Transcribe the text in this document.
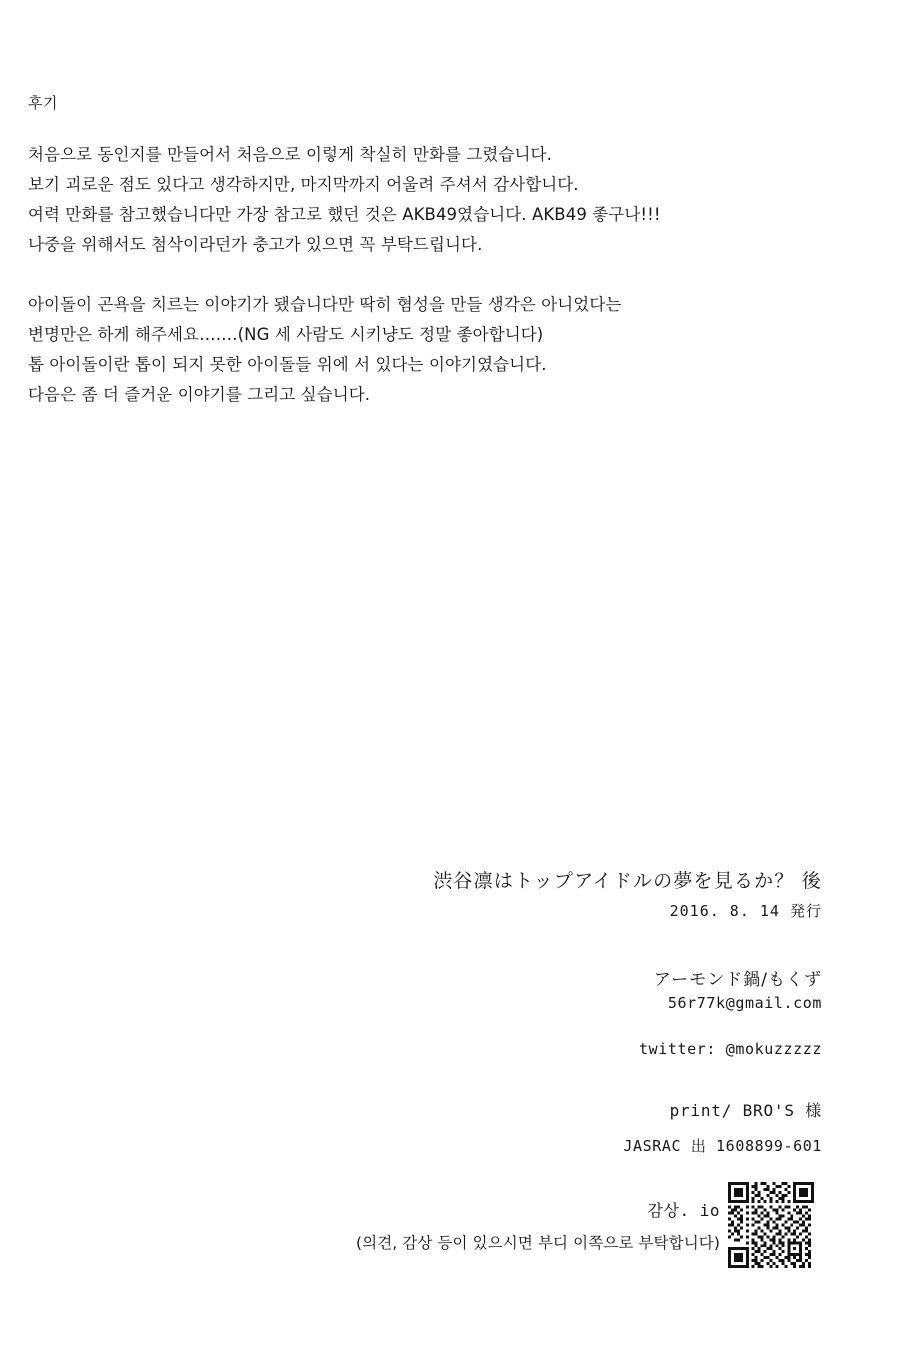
후기

처음으로 동인지를 만들어서 처음으로 이렇게 착실히 만화를 그렸습니다.

보기 괴로운 점도 있다고 생각하지만, 마지막까지 어울려 주셔서 감사합니다.

여력 만화를 참고했습니다만 가장 참고로 했던 것은 AKB49였습니다. AKB49 좋구나!!!

나중을 위해서도 첨삭이라던가 충고가 있으면 꼭 부탁드립니다.

아이돌이 곤욕을 치르는 이야기가 됐습니다만 딱히 혐성을 만들 생각은 아니었다는

변명만은 하게 해주세요…….(NG 세 사람도 시키냥도 정말 좋아합니다)

톱 아이돌이란 톱이 되지 못한 아이돌들 위에 서 있다는 이야기였습니다.

다음은 좀 더 즐거운 이야기를 그리고 싶습니다.

渋谷凛はトップアイドルの夢を見るか？ 後
2016. 8. 14 発行
アーモンド鍋/もくず
56r77k@gmail.com
twitter: @mokuzzzzz
print/ BRO'S 様
JASRAC 出 1608899-601
감상. io
(의견, 감상 등이 있으시면 부디 이쪽으로 부탁합니다)
